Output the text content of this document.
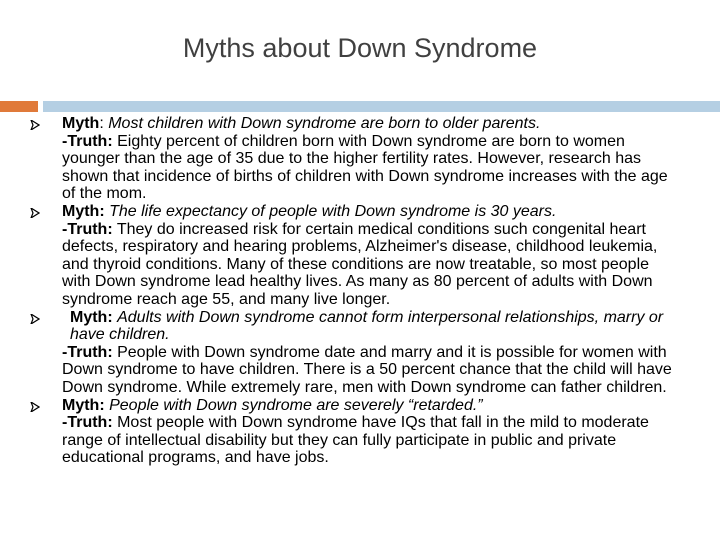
Myths about Down Syndrome

Myth: Most children with Down syndrome are born to older parents.

-Truth: Eighty percent of children born with Down syndrome are born to women younger than the age of 35 due to the higher fertility rates. However, research has shown that incidence of births of children with Down syndrome increases with the age of the mom.

Myth: The life expectancy of people with Down syndrome is 30 years.

-Truth: They do increased risk for certain medical conditions such congenital heart defects, respiratory and hearing problems, Alzheimer's disease, childhood leukemia, and thyroid conditions. Many of these conditions are now treatable, so most people with Down syndrome lead healthy lives. As many as 80 percent of adults with Down syndrome reach age 55, and many live longer.

Myth: Adults with Down syndrome cannot form interpersonal relationships, marry or have children.

-Truth: People with Down syndrome date and marry and it is possible for women with Down syndrome to have children. There is a 50 percent chance that the child will have Down syndrome. While extremely rare, men with Down syndrome can father children.

Myth: People with Down syndrome are severely “retarded.”

-Truth: Most people with Down syndrome have IQs that fall in the mild to moderate range of intellectual disability but they can fully participate in public and private educational programs, and have jobs.
